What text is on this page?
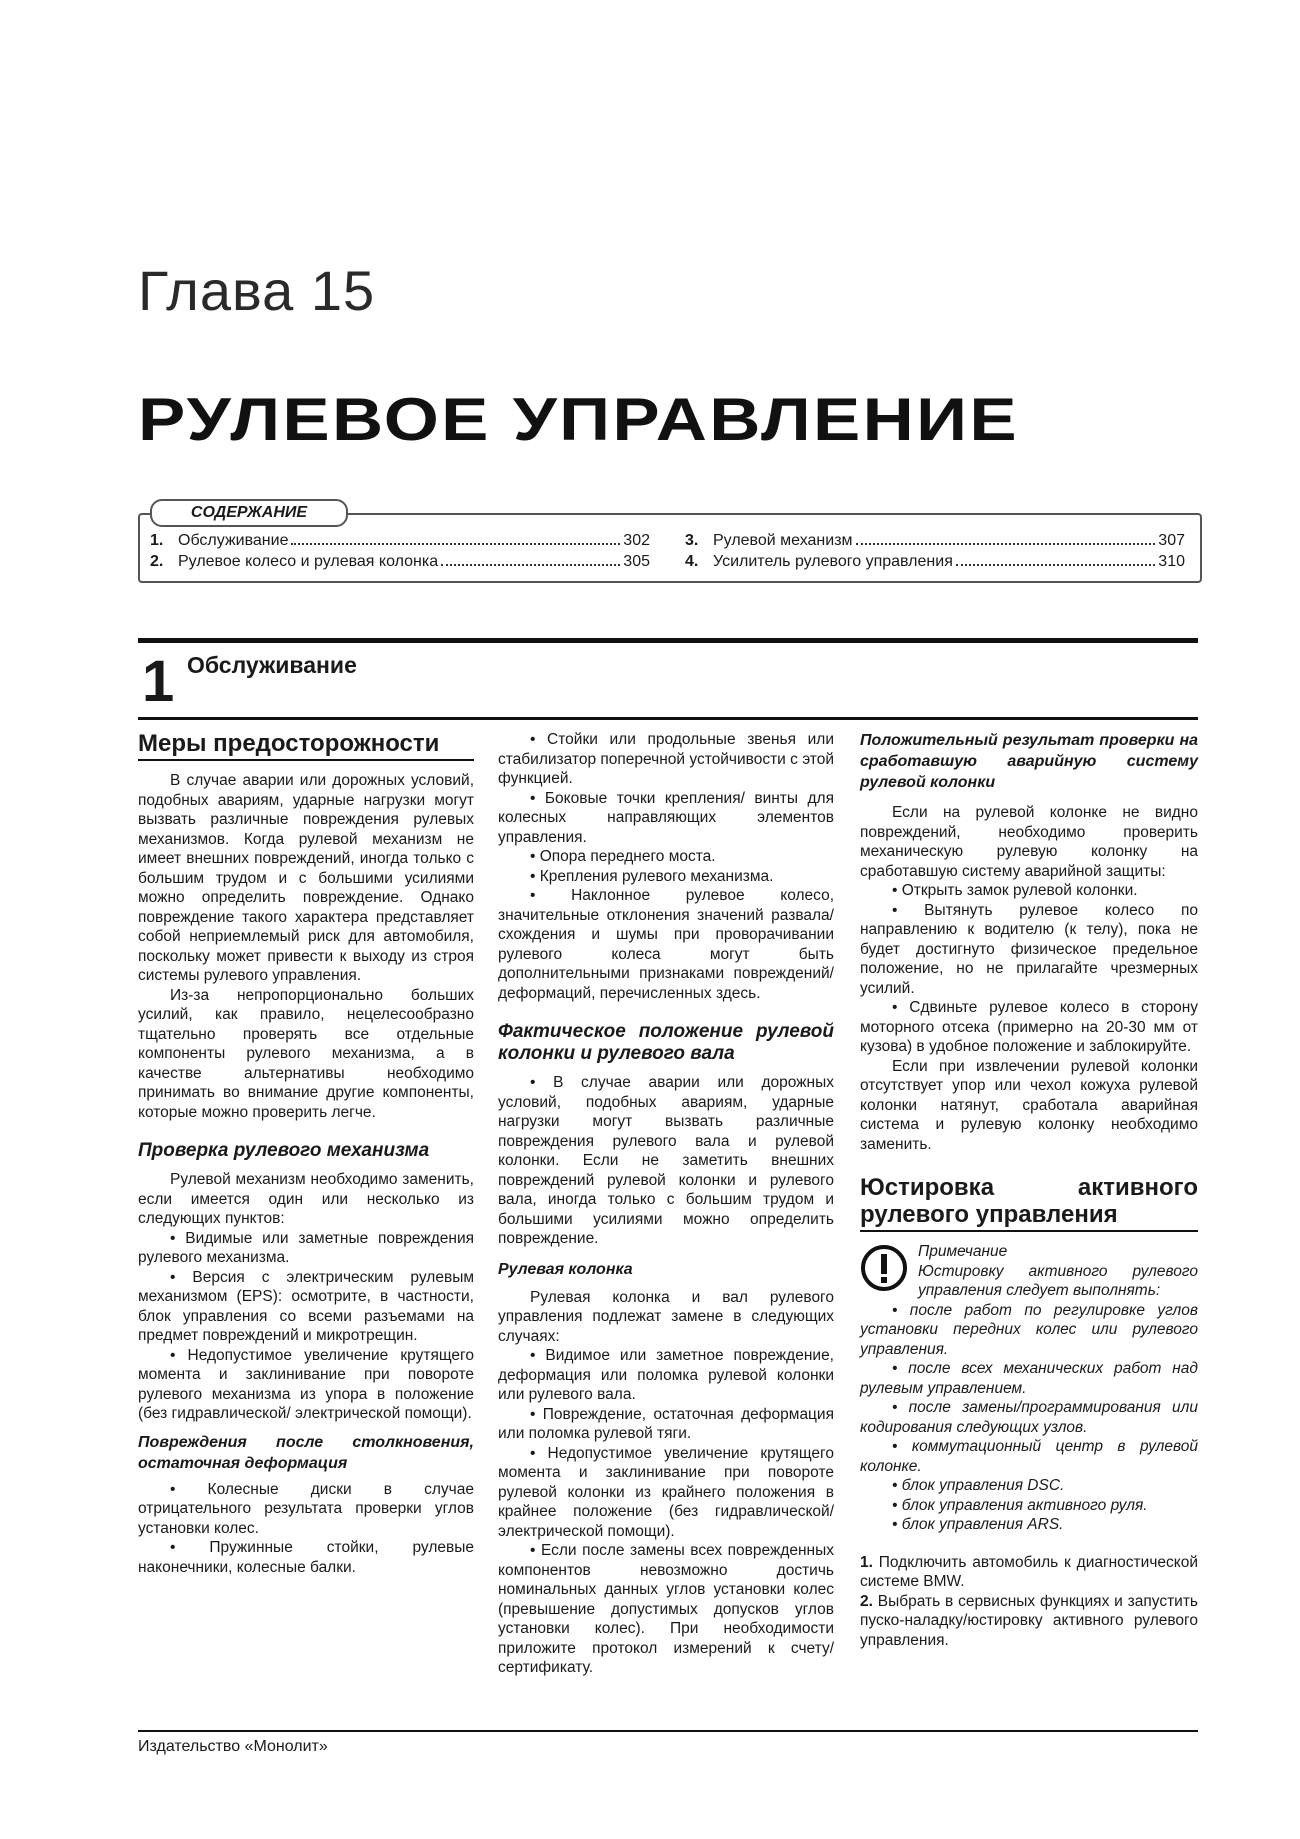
Глава 15
РУЛЕВОЕ УПРАВЛЕНИЕ
1. Обслуживание	302
2. Рулевое колесо и рулевая колонка	305
3. Рулевой механизм	307
4. Усилитель рулевого управления	310
СОДЕРЖАНИЕ
1 Обслуживание

Меры предосторожности

В случае аварии или дорожных условий, подобных авариям, ударные нагрузки могут вызвать различные повреждения рулевых механизмов. Когда рулевой механизм не имеет внешних повреждений, иногда только с большим трудом и с большими усилиями можно определить повреждение. Однако повреждение такого характера представляет собой неприемлемый риск для автомобиля, поскольку может привести к выходу из строя системы рулевого управления.

Из-за непропорционально больших усилий, как правило, нецелесообразно тщательно проверять все отдельные компоненты рулевого механизма, а в качестве альтернативы необходимо принимать во внимание другие компоненты, которые можно проверить легче.

Проверка рулевого механизма

Рулевой механизм необходимо заменить, если имеется один или несколько из следующих пунктов:

• Видимые или заметные повреждения рулевого механизма.

• Версия с электрическим рулевым механизмом (EPS): осмотрите, в частности, блок управления со всеми разъемами на предмет повреждений и микротрещин.

• Недопустимое увеличение крутящего момента и заклинивание при повороте рулевого механизма из упора в положение (без гидравлической/ электрической помощи).

Повреждения после столкновения, остаточная деформация

• Колесные диски в случае отрицательного результата проверки углов установки колес.

• Пружинные стойки, рулевые наконечники, колесные балки.

• Стойки или продольные звенья или стабилизатор поперечной устойчивости с этой функцией.

• Боковые точки крепления/ винты для колесных направляющих элементов управления.

• Опора переднего моста.

• Крепления рулевого механизма.

• Наклонное рулевое колесо, значительные отклонения значений развала/ схождения и шумы при проворачивании рулевого колеса могут быть дополнительными признаками повреждений/ деформаций, перечисленных здесь.

Фактическое положение рулевой колонки и рулевого вала

• В случае аварии или дорожных условий, подобных авариям, ударные нагрузки могут вызвать различные повреждения рулевого вала и рулевой колонки. Если не заметить внешних повреждений рулевой колонки и рулевого вала, иногда только с большим трудом и большими усилиями можно определить повреждение.

Рулевая колонка

Рулевая колонка и вал рулевого управления подлежат замене в следующих случаях:

• Видимое или заметное повреждение, деформация или поломка рулевой колонки или рулевого вала.

• Повреждение, остаточная деформация или поломка рулевой тяги.

• Недопустимое увеличение крутящего момента и заклинивание при повороте рулевой колонки из крайнего положения в крайнее положение (без гидравлической/ электрической помощи).

• Если после замены всех поврежденных компонентов невозможно достичь номинальных данных углов установки колес (превышение допустимых допусков углов установки колес). При необходимости приложите протокол измерений к счету/ сертификату.

Положительный результат проверки на сработавшую аварийную систему рулевой колонки

Если на рулевой колонке не видно повреждений, необходимо проверить механическую рулевую колонку на сработавшую систему аварийной защиты:

• Открыть замок рулевой колонки.

• Вытянуть рулевое колесо по направлению к водителю (к телу), пока не будет достигнуто физическое предельное положение, но не прилагайте чрезмерных усилий.

• Сдвиньте рулевое колесо в сторону моторного отсека (примерно на 20-30 мм от кузова) в удобное положение и заблокируйте.

Если при извлечении рулевой колонки отсутствует упор или чехол кожуха рулевой колонки натянут, сработала аварийная система и рулевую колонку необходимо заменить.

Юстировка активного рулевого управления

Примечание

Юстировку активного рулевого управления следует выполнять:

• после работ по регулировке углов установки передних колес или рулевого управления.

• после всех механических работ над рулевым управлением.

• после замены/программирования или кодирования следующих узлов.

• коммутационный центр в рулевой колонке.

• блок управления DSC.

• блок управления активного руля.

• блок управления ARS.

1. Подключить автомобиль к диагностической системе BMW.

2. Выбрать в сервисных функциях и запустить пуско-наладку/юстировку активного рулевого управления.

Издательство «Монолит»
